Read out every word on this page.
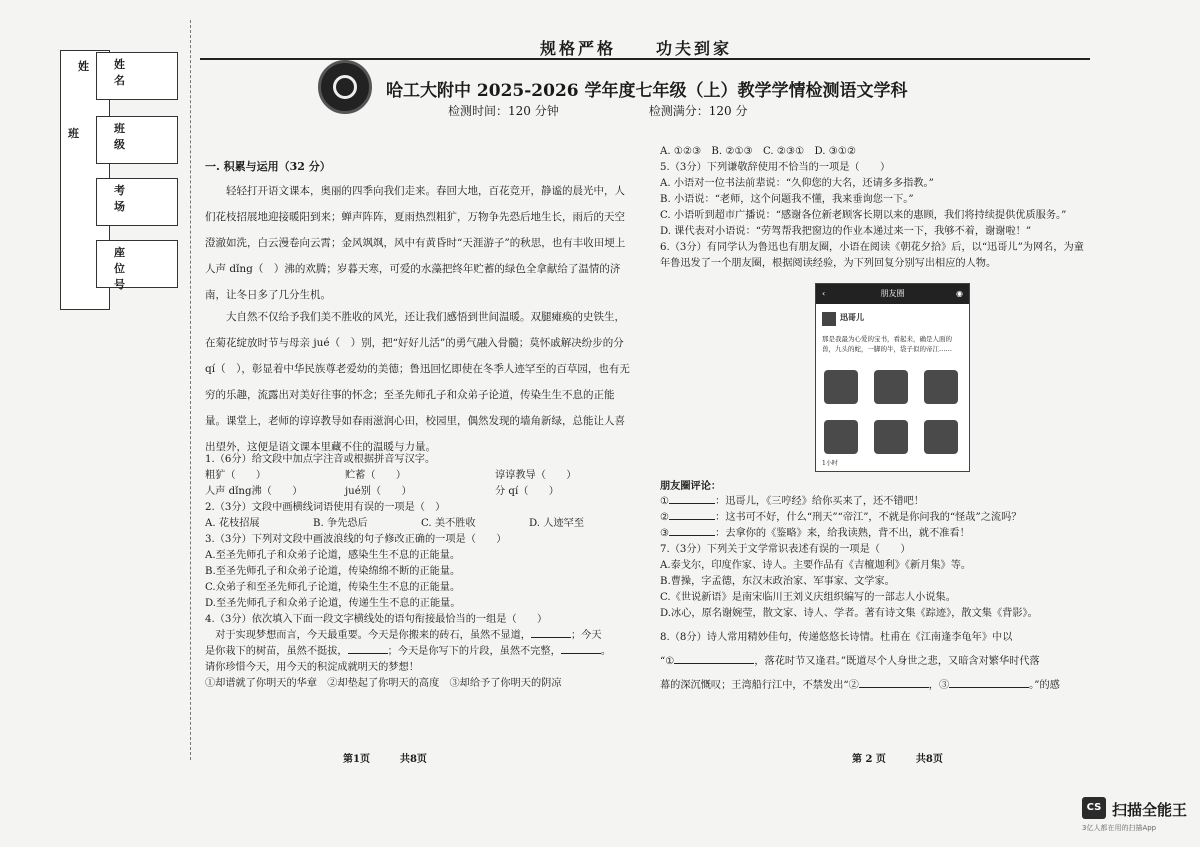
规格严格	功夫到家
哈工大附中 2025-2026 学年度七年级（上）教学学情检测语文学科
检测时间：120 分钟	检测满分：120 分
姓
班
姓　　名
班　　级
考　　场
座 位 号
一. 积累与运用（32 分）
轻轻打开语文课本，奥丽的四季向我们走来。春回大地，百花竞开，静谧的晨光中，人们花枝招展地迎接暖阳到来；蝉声阵阵，夏雨热烈粗犷，万物争先恐后地生长，雨后的天空澄澈如洗，白云漫卷向云霄；金风飒飒，风中有黄昏时“天涯游子”的秋思，也有丰收田埂上人声 dǐng（　）沸的欢腾；岁暮天寒，可爱的水藻把终年贮蓄的绿色全拿献给了温情的济南，让冬日多了几分生机。
大自然不仅给予我们美不胜收的风光，还让我们感悟到世间温暖。双腿瘫痪的史铁生，在菊花绽放时节与母亲 jué（　）别，把“好好儿活”的勇气融入骨髓；莫怀戚解决纷步的分 qí（　），彰显着中华民族尊老爱幼的美德；鲁迅回忆即使在冬季人迹罕至的百草园，也有无穷的乐趣，流露出对美好往事的怀念；至圣先师孔子和众弟子论道，传染生生不息的正能量。课堂上，老师的谆谆教导如春雨滋润心田，校园里，偶然发现的墙角新绿，总能让人喜出望外，这便是语文课本里藏不住的温暖与力量。

1.（6分）给文段中加点字注音或根据拼音写汉字。

粗犷（　　）	贮蓄（　　）	谆谆教导（　　）
人声 dǐng沸（　　）	jué别（　　）	分 qí（　　）

2.（3分）文段中画横线词语使用有误的一项是（　）

A. 花枝招展	B. 争先恐后	C. 美不胜收	D. 人迹罕至

3.（3分）下列对文段中画波浪线的句子修改正确的一项是（　　）

A.至圣先师孔子和众弟子论道，感染生生不息的正能量。

B.至圣先师孔子和众弟子论道，传染绵绵不断的正能量。

C.众弟子和至圣先师孔子论道，传染生生不息的正能量。

D.至圣先师孔子和众弟子论道，传递生生不息的正能量。

4.（3分）依次填入下面一段文字横线处的语句衔接最恰当的一组是（　　）

对于实现梦想而言，今天最重要。今天是你搬来的砖石，虽然不显道，	；今天

是你栽下的树苗，虽然不挺拔，	；今天是你写下的片段，虽然不完整，	。

请你珍惜今天，用今天的积淀成就明天的梦想！

①却谱就了你明天的华章　②却垫起了你明天的高度　③却给予了你明天的阴凉

第1页	共8页

A. ①②③　B. ②①③　C. ②③①　D. ③①②

5.（3分）下列谦敬辞使用不恰当的一项是（　　）

A. 小语对一位书法前辈说：“久仰您的大名，还请多多指教。”

B. 小语说：“老师，这个问题我不懂，我来垂询您一下。”

C. 小语听到超市广播说：“感谢各位新老顾客长期以来的惠顾，我们将持续提供优质服务。”

D. 课代表对小语说：“劳驾帮我把窗边的作业本递过来一下，我够不着，谢谢啦！”

6.（3分）有同学认为鲁迅也有朋友圈，小语在阅读《朝花夕拾》后，以“迅哥儿”为网名，为童年鲁迅发了一个朋友圈，根据阅读经验，为下列回复分别写出相应的人物。

‹	朋友圈	◉
迅哥儿
那是我最为心爱的宝书，看起来，确是人面的兽，九头的蛇，一脚的牛，袋子似的帝江……
1小时

朋友圈评论：

①	：迅哥儿，《三哼经》给你买来了，还不错吧！

②	：这书可不好，什么“刑天”“帝江”，不就是你问我的“怪哉”之流吗？

③	：去拿你的《鉴略》来，给我读熟，背不出，就不准看！

7.（3分）下列关于文学常识表述有误的一项是（　　）

A.泰戈尔，印度作家、诗人。主要作品有《吉檀迦利》《新月集》等。

B.曹操，字孟德，东汉末政治家、军事家、文学家。

C.《世说新语》是南宋临川王刘义庆组织编写的一部志人小说集。

D.冰心，原名谢婉莹，散文家、诗人、学者。著有诗文集《踪迹》，散文集《背影》。

8.（8分）诗人常用精妙佳句，传递悠悠长诗情。杜甫在《江南逢李龟年》中以

“①	，落花时节又逢君。”既道尽个人身世之悲，又暗含对繁华时代落

幕的深沉慨叹；王湾船行江中，不禁发出“②	，③	。”的感

第 2 页	共8页
CS 扫描全能王
3亿人都在用的扫描App
